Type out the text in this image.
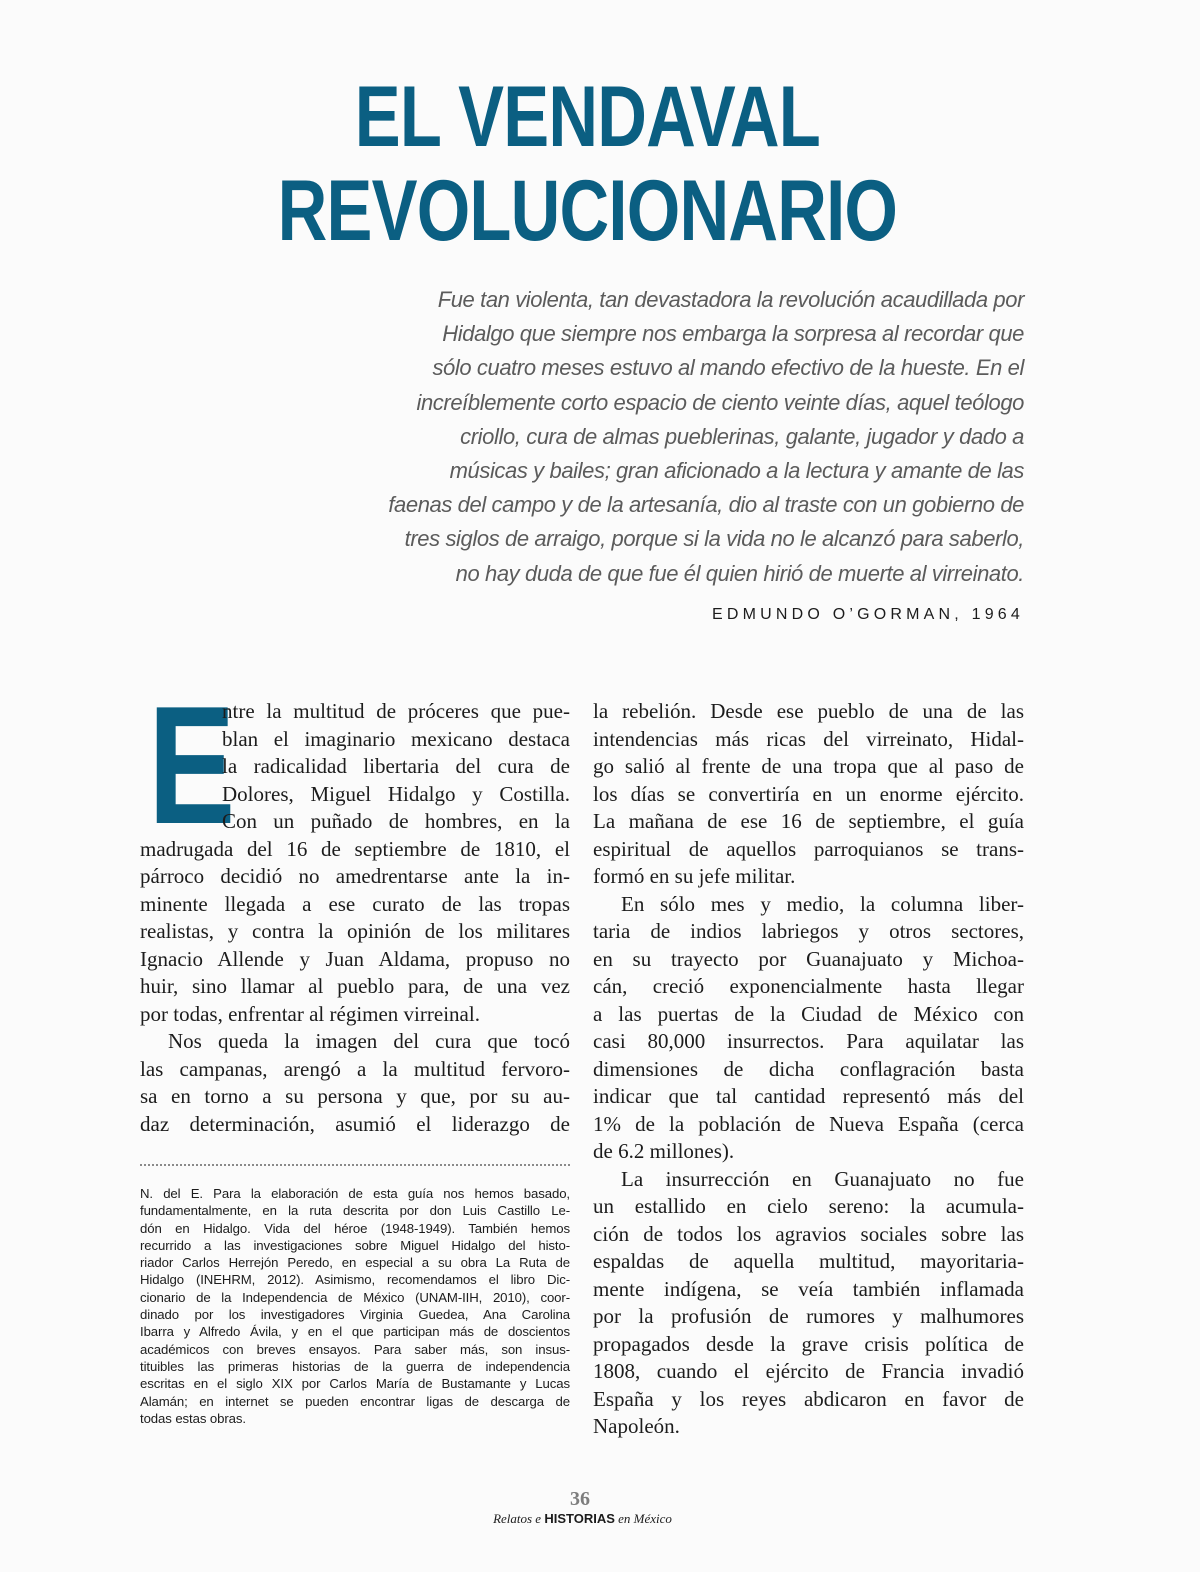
EL VENDAVAL
REVOLUCIONARIO
Fue tan violenta, tan devastadora la revolución acaudillada por
Hidalgo que siempre nos embarga la sorpresa al recordar que
sólo cuatro meses estuvo al mando efectivo de la hueste. En el
increíblemente corto espacio de ciento veinte días, aquel teólogo
criollo, cura de almas pueblerinas, galante, jugador y dado a
músicas y bailes; gran aficionado a la lectura y amante de las
faenas del campo y de la artesanía, dio al traste con un gobierno de
tres siglos de arraigo, porque si la vida no le alcanzó para saberlo,
no hay duda de que fue él quien hirió de muerte al virreinato.
EDMUNDO O’GORMAN, 1964
E
ntre la multitud de próceres que pue-
blan el imaginario mexicano destaca
la radicalidad libertaria del cura de
Dolores, Miguel Hidalgo y Costilla.
Con un puñado de hombres, en la
madrugada del 16 de septiembre de 1810, el
párroco decidió no amedrentarse ante la in-
minente llegada a ese curato de las tropas
realistas, y contra la opinión de los militares
Ignacio Allende y Juan Aldama, propuso no
huir, sino llamar al pueblo para, de una vez
por todas, enfrentar al régimen virreinal.
Nos queda la imagen del cura que tocó
las campanas, arengó a la multitud fervoro-
sa en torno a su persona y que, por su au-
daz determinación, asumió el liderazgo de
la rebelión. Desde ese pueblo de una de las
intendencias más ricas del virreinato, Hidal-
go salió al frente de una tropa que al paso de
los días se convertiría en un enorme ejército.
La mañana de ese 16 de septiembre, el guía
espiritual de aquellos parroquianos se trans-
formó en su jefe militar.
En sólo mes y medio, la columna liber-
taria de indios labriegos y otros sectores,
en su trayecto por Guanajuato y Michoa-
cán, creció exponencialmente hasta llegar
a las puertas de la Ciudad de México con
casi 80,000 insurrectos. Para aquilatar las
dimensiones de dicha conflagración basta
indicar que tal cantidad representó más del
1% de la población de Nueva España (cerca
de 6.2 millones).
La insurrección en Guanajuato no fue
un estallido en cielo sereno: la acumula-
ción de todos los agravios sociales sobre las
espaldas de aquella multitud, mayoritaria-
mente indígena, se veía también inflamada
por la profusión de rumores y malhumores
propagados desde la grave crisis política de
1808, cuando el ejército de Francia invadió
España y los reyes abdicaron en favor de
Napoleón.
N. del E. Para la elaboración de esta guía nos hemos basado,
fundamentalmente, en la ruta descrita por don Luis Castillo Le-
dón en Hidalgo. Vida del héroe (1948-1949). También hemos
recurrido a las investigaciones sobre Miguel Hidalgo del histo-
riador Carlos Herrejón Peredo, en especial a su obra La Ruta de
Hidalgo (INEHRM, 2012). Asimismo, recomendamos el libro Dic-
cionario de la Independencia de México (UNAM-IIH, 2010), coor-
dinado por los investigadores Virginia Guedea, Ana Carolina
Ibarra y Alfredo Ávila, y en el que participan más de doscientos
académicos con breves ensayos. Para saber más, son insus-
tituibles las primeras historias de la guerra de independencia
escritas en el siglo XIX por Carlos María de Bustamante y Lucas
Alamán; en internet se pueden encontrar ligas de descarga de
todas estas obras.
36
Relatos e HISTORIAS en México
